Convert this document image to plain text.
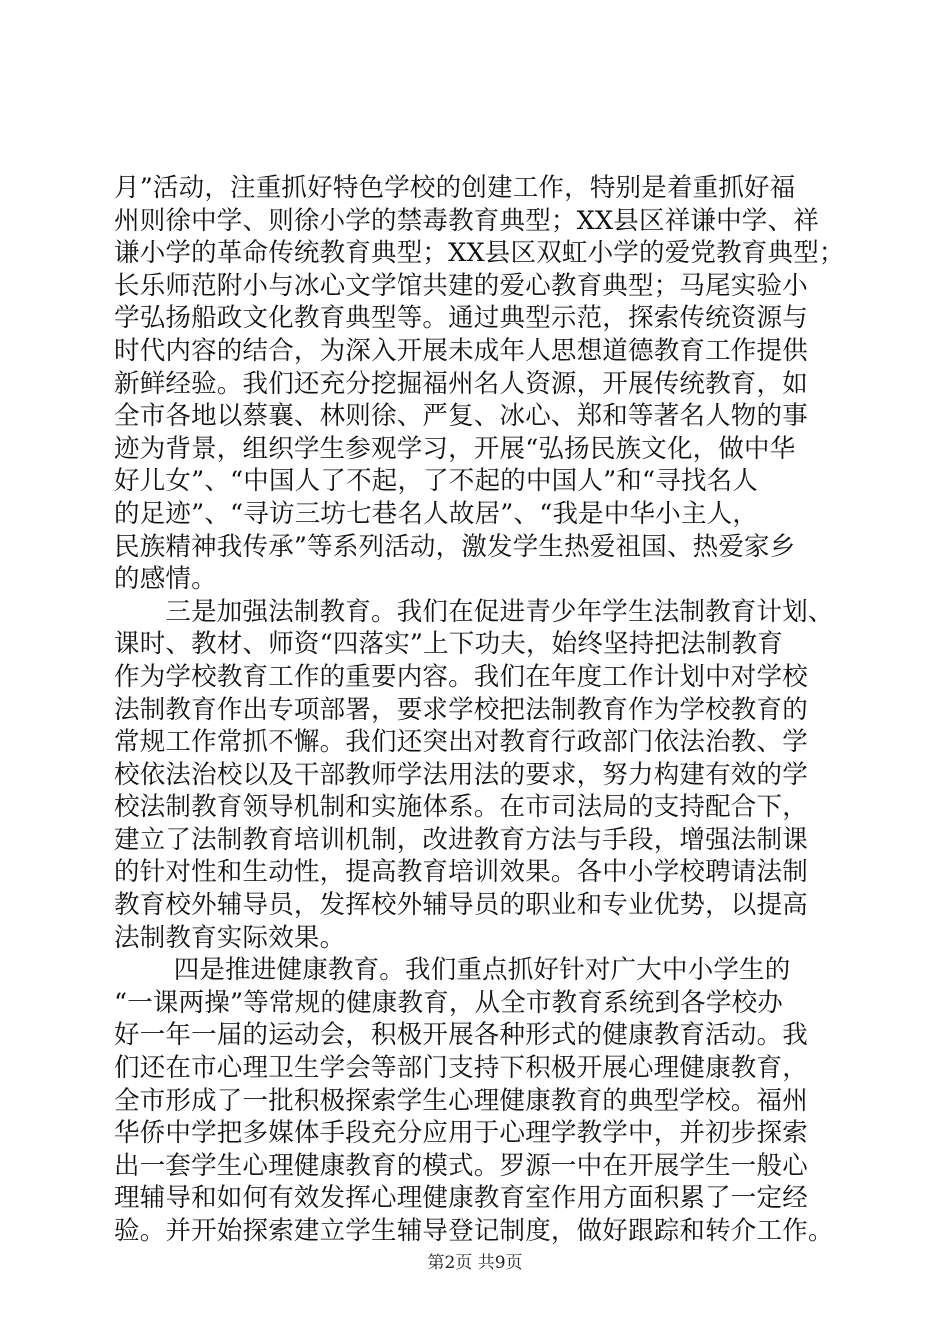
月”活动，注重抓好特色学校的创建工作，特别是着重抓好福
州则徐中学、则徐小学的禁毒教育典型；XX县区祥谦中学、祥
谦小学的革命传统教育典型；XX县区双虹小学的爱党教育典型；
长乐师范附小与冰心文学馆共建的爱心教育典型；马尾实验小
学弘扬船政文化教育典型等。通过典型示范，探索传统资源与
时代内容的结合，为深入开展未成年人思想道德教育工作提供
新鲜经验。我们还充分挖掘福州名人资源，开展传统教育，如
全市各地以蔡襄、林则徐、严复、冰心、郑和等著名人物的事
迹为背景，组织学生参观学习，开展“弘扬民族文化，做中华
好儿女”、“中国人了不起，了不起的中国人”和“寻找名人
的足迹”、“寻访三坊七巷名人故居”、“我是中华小主人，
民族精神我传承”等系列活动，激发学生热爱祖国、热爱家乡
的感情。
　　三是加强法制教育。我们在促进青少年学生法制教育计划、
课时、教材、师资“四落实”上下功夫，始终坚持把法制教育
作为学校教育工作的重要内容。我们在年度工作计划中对学校
法制教育作出专项部署，要求学校把法制教育作为学校教育的
常规工作常抓不懈。我们还突出对教育行政部门依法治教、学
校依法治校以及干部教师学法用法的要求，努力构建有效的学
校法制教育领导机制和实施体系。在市司法局的支持配合下，
建立了法制教育培训机制，改进教育方法与手段，增强法制课
的针对性和生动性，提高教育培训效果。各中小学校聘请法制
教育校外辅导员，发挥校外辅导员的职业和专业优势，以提高
法制教育实际效果。
　　 四是推进健康教育。我们重点抓好针对广大中小学生的
“一课两操”等常规的健康教育，从全市教育系统到各学校办
好一年一届的运动会，积极开展各种形式的健康教育活动。我
们还在市心理卫生学会等部门支持下积极开展心理健康教育，
全市形成了一批积极探索学生心理健康教育的典型学校。福州
华侨中学把多媒体手段充分应用于心理学教学中，并初步探索
出一套学生心理健康教育的模式。罗源一中在开展学生一般心
理辅导和如何有效发挥心理健康教育室作用方面积累了一定经
验。并开始探索建立学生辅导登记制度，做好跟踪和转介工作。
第2页 共9页
